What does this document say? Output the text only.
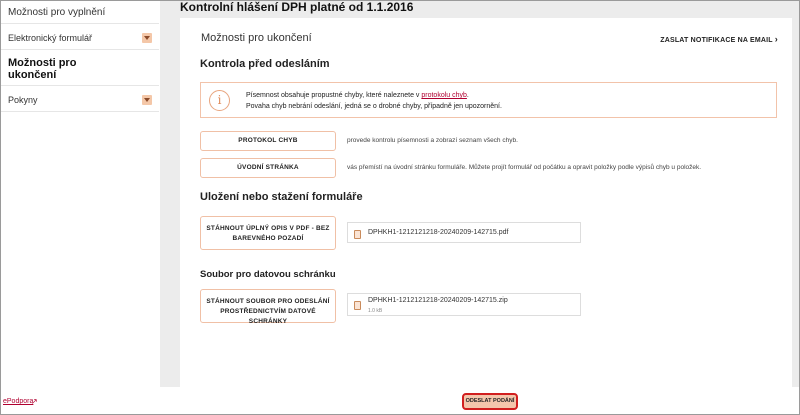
Možnosti pro vyplnění
Elektronický formulář
Možnosti pro ukončení
Pokyny
Kontrolní hlášení DPH platné od 1.1.2016
Možnosti pro ukončení	ZASLAT NOTIFIKACE NA EMAIL ›
Kontrola před odesláním
i	Písemnost obsahuje propustné chyby, které naleznete v protokolu chyb.
Povaha chyb nebrání odeslání, jedná se o drobné chyby, případně jen upozornění.
PROTOKOL CHYB	provede kontrolu písemnosti a zobrazí seznam všech chyb.
ÚVODNÍ STRÁNKA	vás přemístí na úvodní stránku formuláře. Můžete projít formulář od počátku a opravit položky podle výpisů chyb u položek.
Uložení nebo stažení formuláře
STÁHNOUT ÚPLNÝ OPIS V PDF - BEZ
BAREVNÉHO POZADÍ
DPHKH1-1212121218-20240209-142715.pdf
Soubor pro datovou schránku
STÁHNOUT SOUBOR PRO ODESLÁNÍ
PROSTŘEDNICTVÍM DATOVÉ SCHRÁNKY
DPHKH1-1212121218-20240209-142715.zip
1.0 kB
ePodpora
↗	ODESLAT PODÁNÍ
